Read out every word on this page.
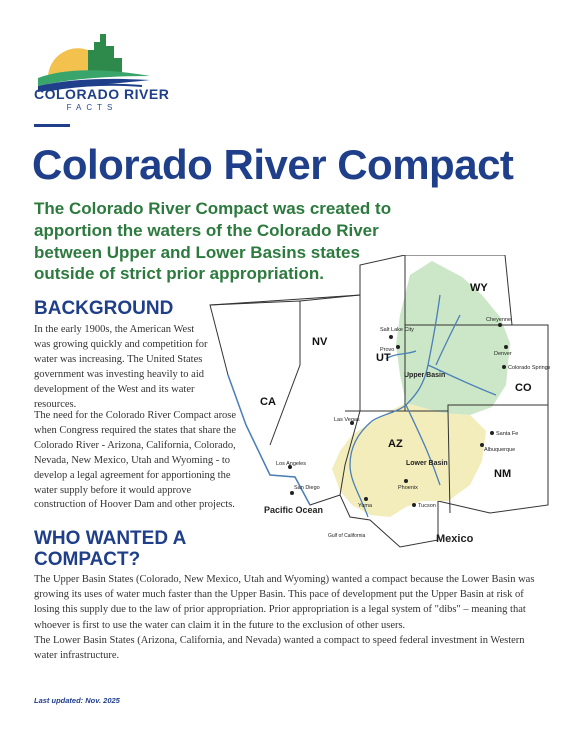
COLORADO RIVER
FACTS
Colorado River Compact

The Colorado River Compact was created to apportion the waters of the Colorado River between Upper and Lower Basins states outside of strict prior appropriation.

BACKGROUND

In the early 1900s, the American West was growing quickly and competition for water was increasing. The United States government was investing heavily to aid development of the West and its water resources.

The need for the Colorado River Compact arose when Congress required the states that share the Colorado River - Arizona, California, Colorado, Nevada, New Mexico, Utah and Wyoming - to develop a legal agreement for apportioning the water supply before it would approve construction of Hoover Dam and other projects.

WHO WANTED A COMPACT?

The Upper Basin States (Colorado, New Mexico, Utah and Wyoming) wanted a compact because the Lower Basin was growing its uses of water much faster than the Upper Basin. This pace of development put the Upper Basin at risk of losing this supply due to the law of prior appropriation. Prior appropriation is a legal system of "dibs" – meaning that whoever is first to use the water can claim it in the future to the exclusion of other users.

The Lower Basin States (Arizona, California, and Nevada) wanted a compact to speed federal investment in Western water infrastructure.

Last updated: Nov. 2025

WY
NV
UT
CO
CA
AZ
NM
Upper Basin
Lower Basin
Pacific Ocean
Mexico
Gulf of California
Salt Lake City
Provo
Cheyenne
Denver
Colorado Springs
Santa Fe
Albuquerque
Las Vegas
Los Angeles
San Diego	Phoenix
Tucson
Yuma
